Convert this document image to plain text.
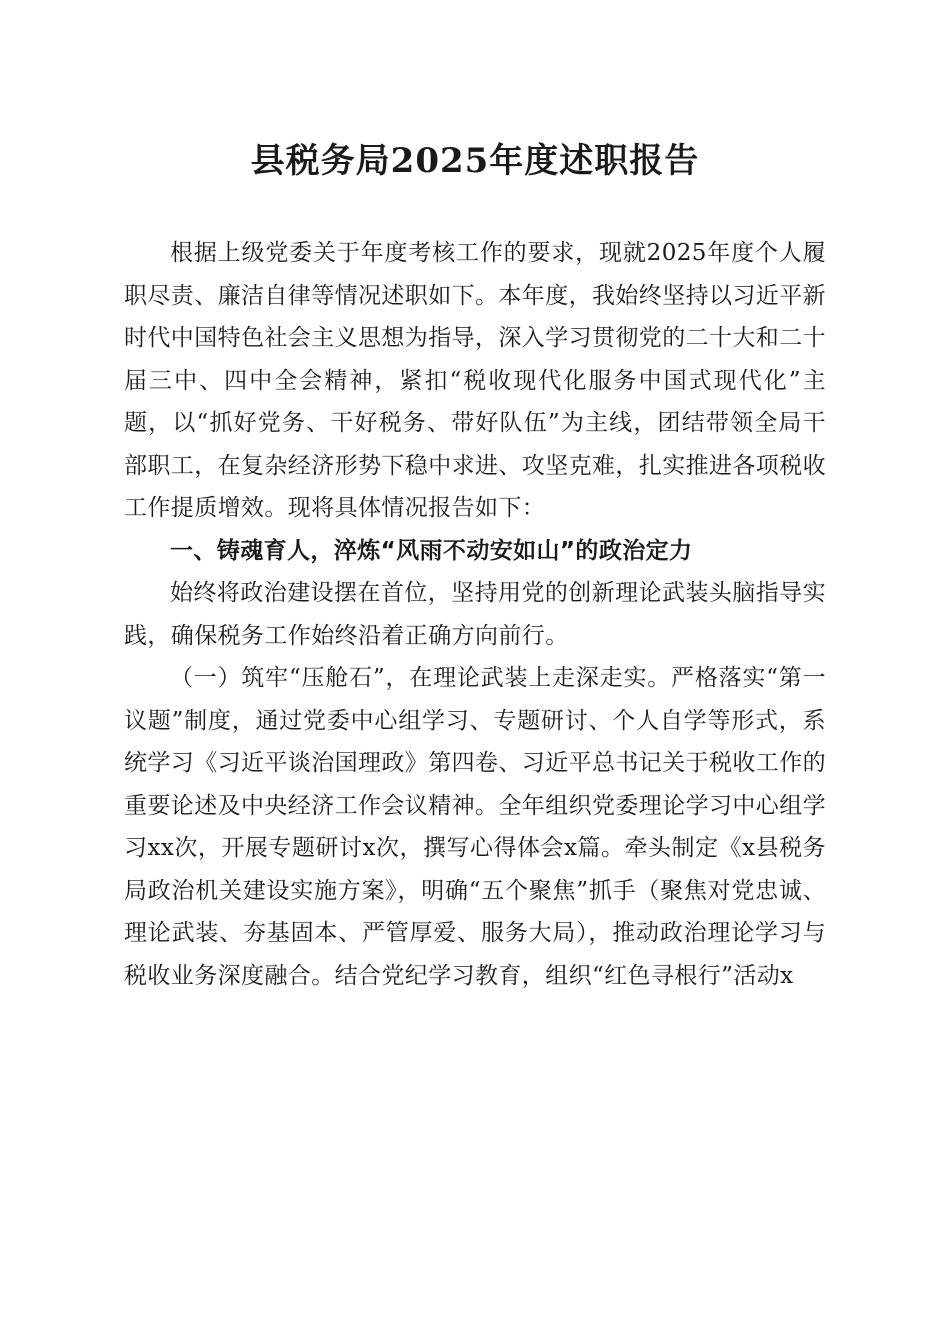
县税务局2025年度述职报告

根据上级党委关于年度考核工作的要求，现就2025年度个人履职尽责、廉洁自律等情况述职如下。本年度，我始终坚持以习近平新时代中国特色社会主义思想为指导，深入学习贯彻党的二十大和二十届三中、四中全会精神，紧扣“税收现代化服务中国式现代化”主题，以“抓好党务、干好税务、带好队伍”为主线，团结带领全局干部职工，在复杂经济形势下稳中求进、攻坚克难，扎实推进各项税收工作提质增效。现将具体情况报告如下：

一、铸魂育人，淬炼“风雨不动安如山”的政治定力

始终将政治建设摆在首位，坚持用党的创新理论武装头脑指导实践，确保税务工作始终沿着正确方向前行。

（一）筑牢“压舱石”，在理论武装上走深走实。严格落实“第一议题”制度，通过党委中心组学习、专题研讨、个人自学等形式，系统学习《习近平谈治国理政》第四卷、习近平总书记关于税收工作的重要论述及中央经济工作会议精神。全年组织党委理论学习中心组学习xx次，开展专题研讨x次，撰写心得体会x篇。牵头制定《x县税务局政治机关建设实施方案》，明确“五个聚焦”抓手（聚焦对党忠诚、理论武装、夯基固本、严管厚爱、服务大局），推动政治理论学习与税收业务深度融合。结合党纪学习教育，组织“红色寻根行”活动x
